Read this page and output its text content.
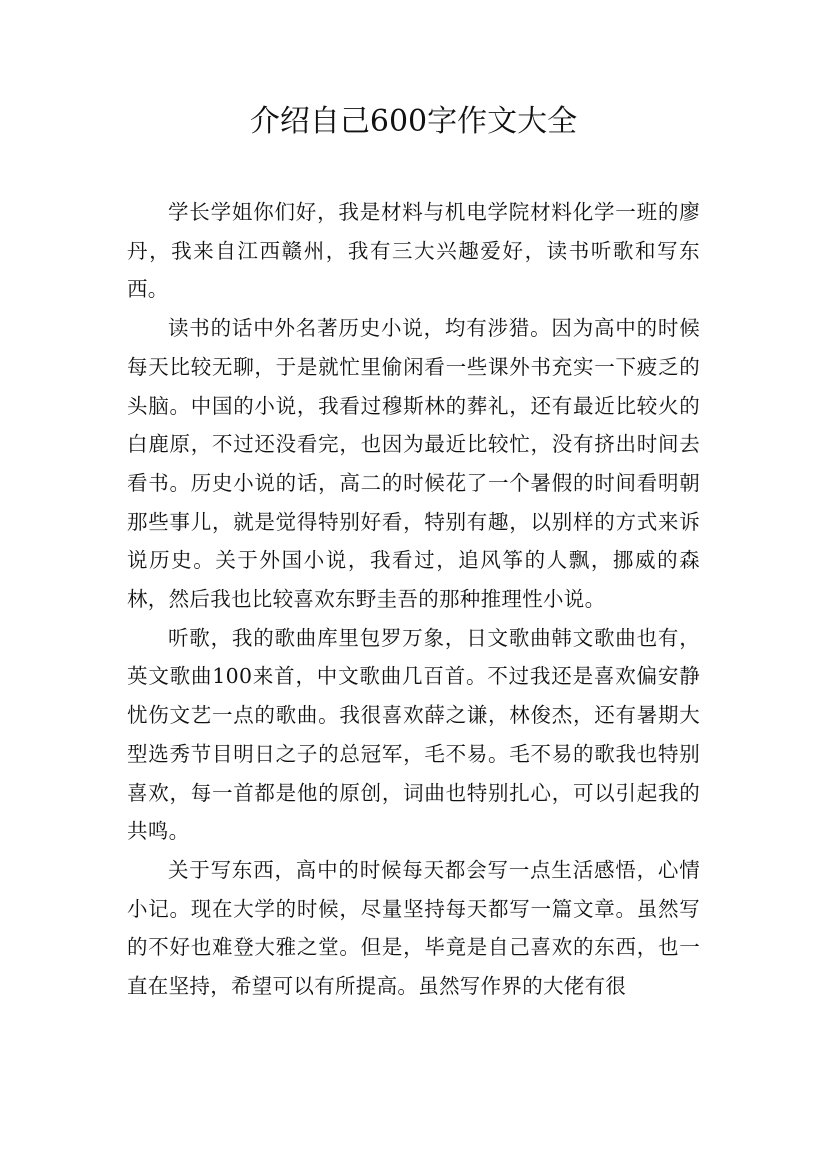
介绍自己600字作文大全

学长学姐你们好，我是材料与机电学院材料化学一班的廖丹，我来自江西赣州，我有三大兴趣爱好，读书听歌和写东西。

读书的话中外名著历史小说，均有涉猎。因为高中的时候每天比较无聊，于是就忙里偷闲看一些课外书充实一下疲乏的头脑。中国的小说，我看过穆斯林的葬礼，还有最近比较火的白鹿原，不过还没看完，也因为最近比较忙，没有挤出时间去看书。历史小说的话，高二的时候花了一个暑假的时间看明朝那些事儿，就是觉得特别好看，特别有趣，以别样的方式来诉说历史。关于外国小说，我看过，追风筝的人飘，挪威的森林，然后我也比较喜欢东野圭吾的那种推理性小说。

听歌，我的歌曲库里包罗万象，日文歌曲韩文歌曲也有，英文歌曲100来首，中文歌曲几百首。不过我还是喜欢偏安静忧伤文艺一点的歌曲。我很喜欢薛之谦，林俊杰，还有暑期大型选秀节目明日之子的总冠军，毛不易。毛不易的歌我也特别喜欢，每一首都是他的原创，词曲也特别扎心，可以引起我的共鸣。

关于写东西，高中的时候每天都会写一点生活感悟，心情小记。现在大学的时候，尽量坚持每天都写一篇文章。虽然写的不好也难登大雅之堂。但是，毕竟是自己喜欢的东西，也一直在坚持，希望可以有所提高。虽然写作界的大佬有很
